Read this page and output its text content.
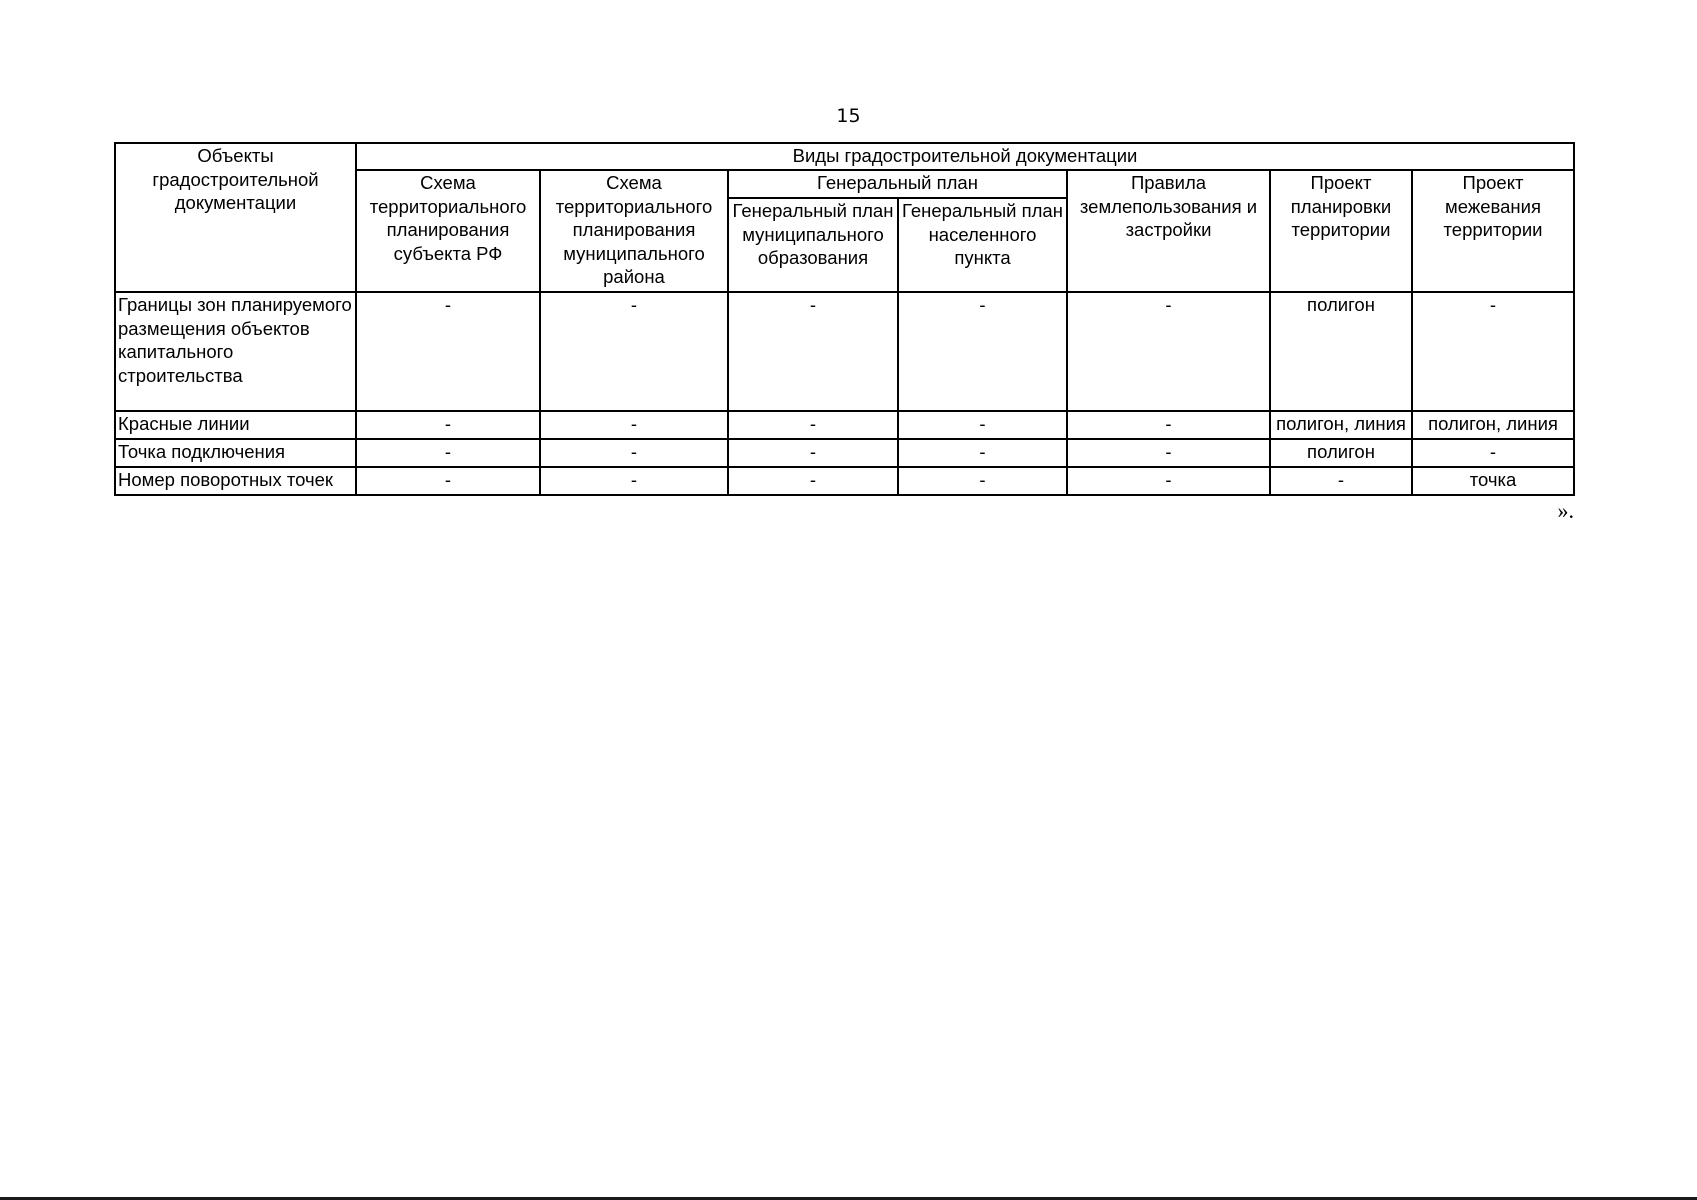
15
Объекты градостроительной документации	Виды градостроительной документации						
	Схема территориального планирования субъекта РФ	Схема территориального планирования муниципального района	Генеральный план		Правила землепользования и застройки	Проект планировки территории	Проект межевания территории
			Генеральный план муниципального образования	Генеральный план населенного пункта			
Границы зон планируемого размещения объектов капитального строительства	-	-	-	-	-	полигон	-
Красные линии	-	-	-	-	-	полигон, линия	полигон, линия
Точка подключения	-	-	-	-	-	полигон	-
Номер поворотных точек	-	-	-	-	-	-	точка
».
